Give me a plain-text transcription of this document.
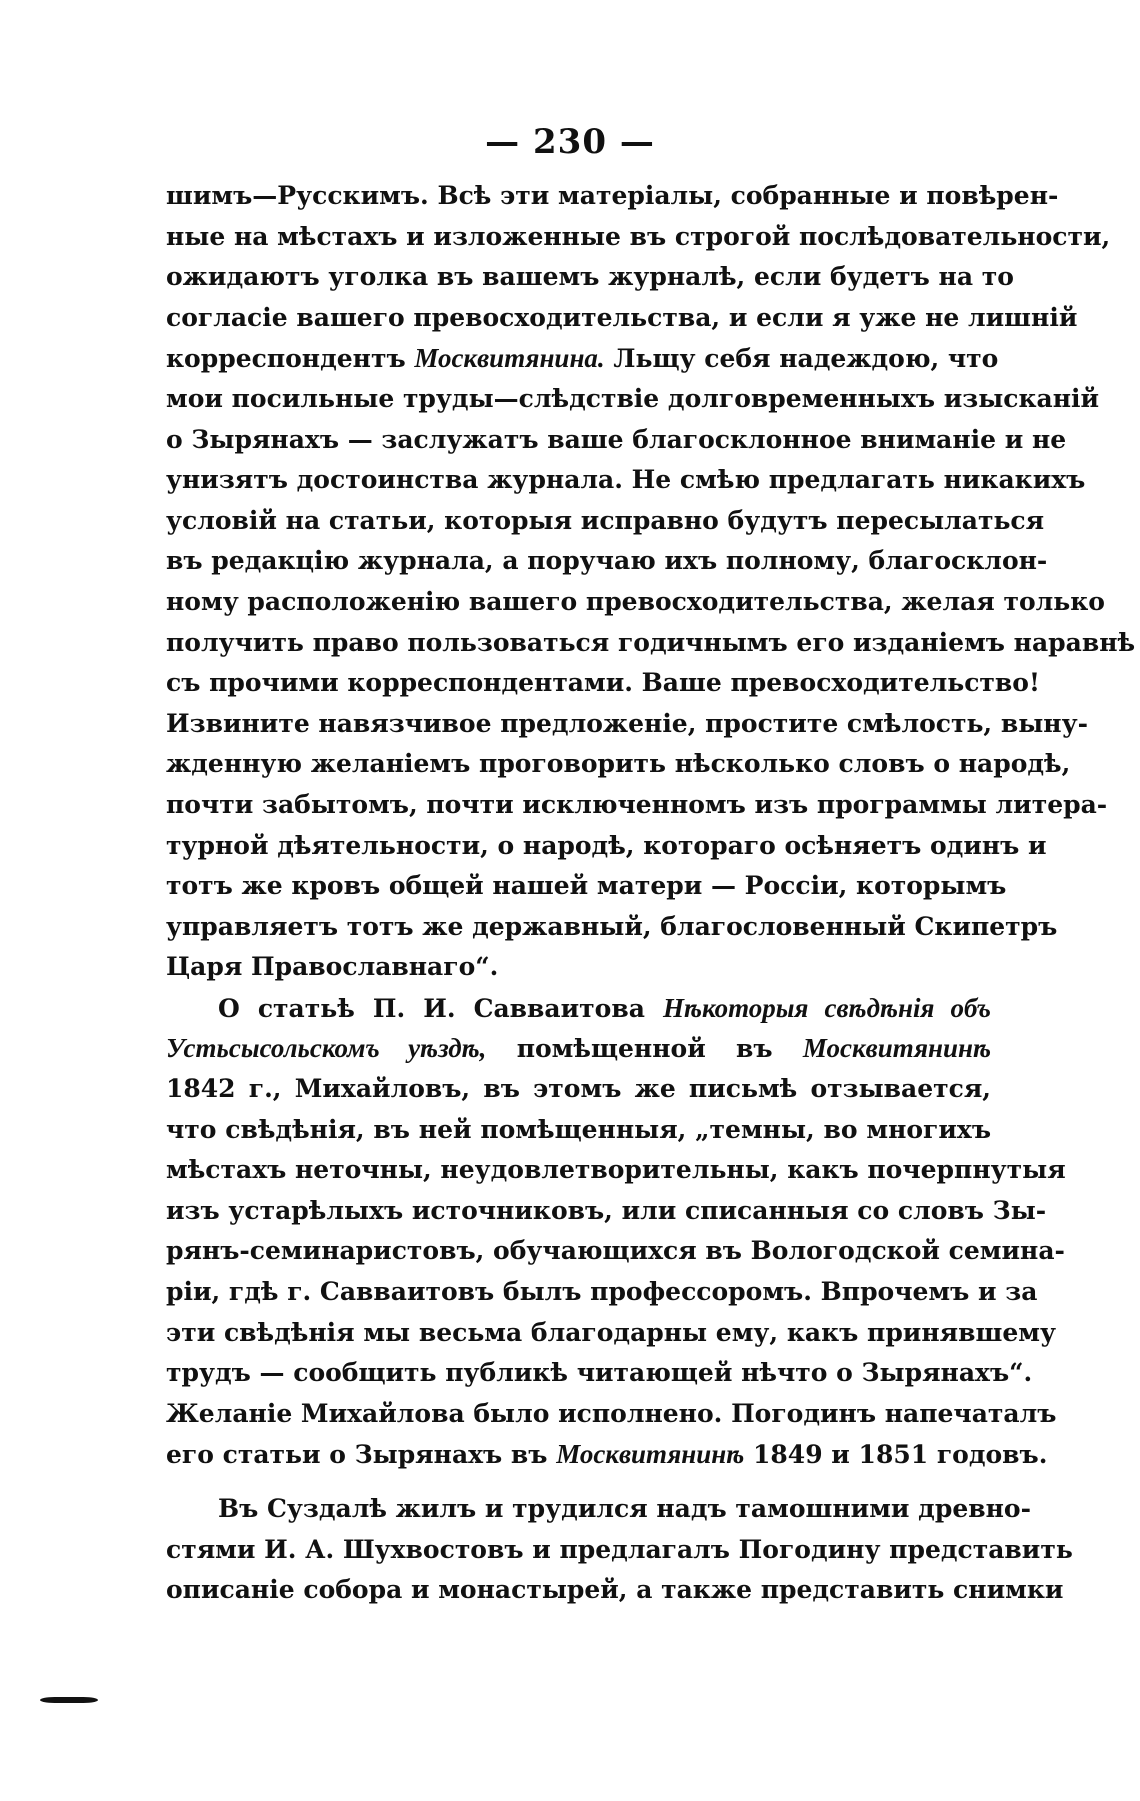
— 230 —
шимъ—Русскимъ. Всѣ эти матеріалы, собранные и повѣрен-
ные на мѣстахъ и изложенные въ строгой послѣдовательности,
ожидаютъ уголка въ вашемъ журналѣ, если будетъ на то
согласіе вашего превосходительства, и если я уже не лишній
корреспондентъ Москвитянина. Льщу себя надеждою, что
мои посильные труды—слѣдствіе долговременныхъ изысканій
о Зырянахъ — заслужатъ ваше благосклонное вниманіе и не
унизятъ достоинства журнала. Не смѣю предлагать никакихъ
условій на статьи, которыя исправно будутъ пересылаться
въ редакцію журнала, а поручаю ихъ полному, благосклон-
ному расположенію вашего превосходительства, желая только
получить право пользоваться годичнымъ его изданіемъ наравнѣ
съ прочими корреспондентами. Ваше превосходительство!
Извините навязчивое предложеніе, простите смѣлость, выну-
жденную желаніемъ проговорить нѣсколько словъ о народѣ,
почти забытомъ, почти исключенномъ изъ программы литера-
турной дѣятельности, о народѣ, котораго осѣняетъ одинъ и
тотъ же кровъ общей нашей матери — Россіи, которымъ
управляетъ тотъ же державный, благословенный Скипетръ
Царя Православнаго“.
О статьѣ П. И. Савваитова Нѣкоторыя свѣдѣнія объ
Устьсысольскомъ уѣздѣ, помѣщенной въ Москвитянинѣ
1842 г., Михайловъ, въ этомъ же письмѣ отзывается,
что свѣдѣнія, въ ней помѣщенныя, „темны, во многихъ
мѣстахъ неточны, неудовлетворительны, какъ почерпнутыя
изъ устарѣлыхъ источниковъ, или списанныя со словъ Зы-
рянъ-семинаристовъ, обучающихся въ Вологодской семина-
ріи, гдѣ г. Савваитовъ былъ профессоромъ. Впрочемъ и за
эти свѣдѣнія мы весьма благодарны ему, какъ принявшему
трудъ — сообщить публикѣ читающей нѣчто о Зырянахъ“.
Желаніе Михайлова было исполнено. Погодинъ напечаталъ
его статьи о Зырянахъ въ Москвитянинѣ 1849 и 1851 годовъ.
Въ Суздалѣ жилъ и трудился надъ тамошними древно-
стями И. А. Шухвостовъ и предлагалъ Погодину представить
описаніе собора и монастырей, а также представить снимки
